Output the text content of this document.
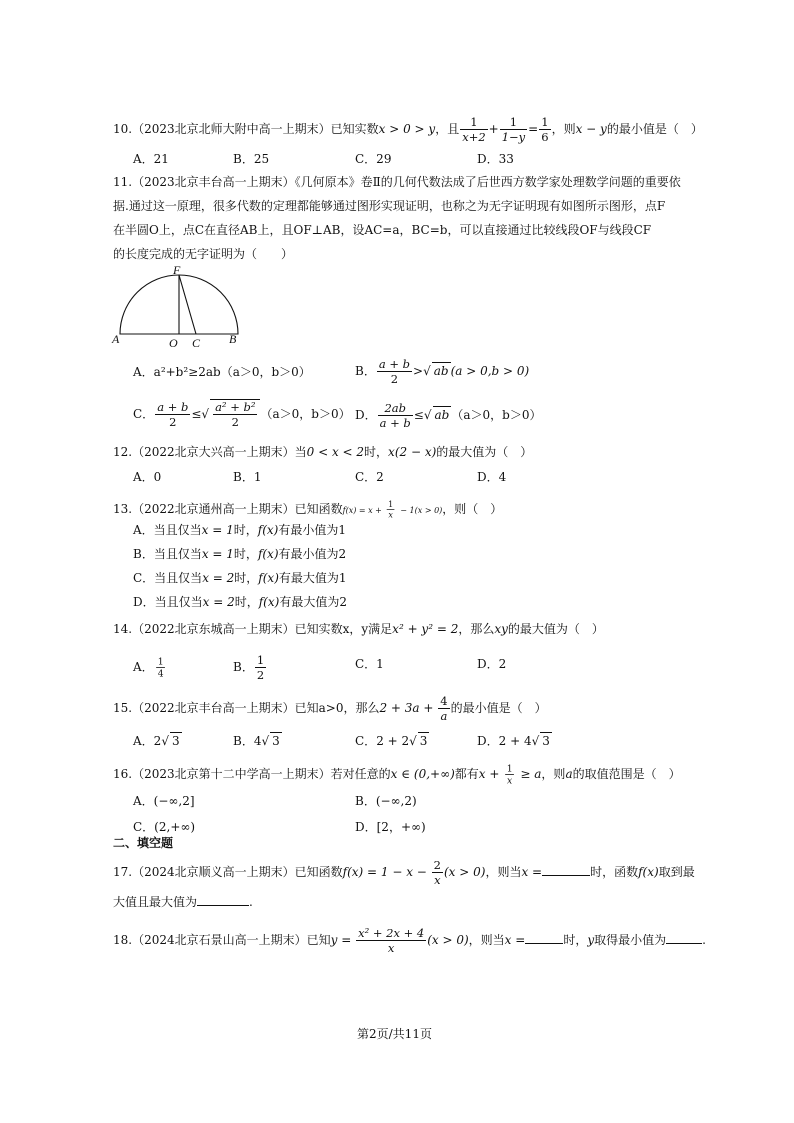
10.（2023北京北师大附中高一上期末）已知实数x > 0 > y，且 $\frac{1}{x+2} + \frac{1}{1-y} = \frac{1}{6}$ ，则x − y的最小值是（　）
A．21	B．25	C．29	D．33
11.（2023北京丰台高一上期末）《几何原本》卷Ⅱ的几何代数法成了后世西方数学家处理数学问题的重要依
据.通过这一原理，很多代数的定理都能够通过图形实现证明，也称之为无字证明现有如图所示图形，点F
在半圆O上，点C在直径AB上，且OF⊥AB，设AC=a，BC=b，可以直接通过比较线段OF与线段CF
的长度完成的无字证明为（　　）
F
A	O C B
A．a²+b²≥2ab（a＞0，b＞0）	B． $\frac{a + b}{2}$ >√ ab (a > 0,b > 0)
C． $\frac{a + b}{2}$ ≤√ $\frac{\text{a² + b²}}{2} (a>0$，b＞0） D． $\frac{2ab}{a + b}$ ≤√ ab （a＞0，b＞0）
12.（2022北京大兴高一上期末）当0 < x < 2时，x(2 − x)的最大值为（　）
A．0	B．1	C．2	D．4
13.（2022北京通州高一上期末）已知函数$f(x) = x + \frac{1}{x} - 1(x > 0)$，则（　）
A．当且仅当x = 1时，f(x)有最小值为1
B．当且仅当x = 1时，f(x)有最小值为2
C．当且仅当x = 2时，f(x)有最大值为1
D．当且仅当x = 2时，f(x)有最大值为2
14.（2022北京东城高一上期末）已知实数x，y满足x² + y² = 2，那么xy的最大值为（　）
A． $\frac{1}{4}$	B． $\frac{1}{2}$	C．1	D．2
15.（2022北京丰台高一上期末）已知a>0，那么$2 + 3a + \frac{4}{a}$ 的最小值是（　）
A．2√ 3	B．4√ 3	C．2 + 2√ 3	D．2 + 4√ 3
16.（2023北京第十二中学高一上期末）若对任意的x ∈ (0,+∞)都有$x + \frac{1}{x} \ge a$，则a的取值范围是（　）
A．(−∞,2]	B．(−∞,2)
C．(2,+∞)	D．[2，+∞)
二、填空题
17.（2024北京顺义高一上期末）已知函数$f(x) = 1 - x - \frac{2}{x} (x > 0)$，则当x =	时，函数f(x)取到最
大值且最大值为	.
18.（2024北京石景山高一上期末）已知$y = \frac{\text{x² + 2x + 4}}{x} (x > 0)$，则当x =	时，y取得最小值为	.
第2页/共11页
